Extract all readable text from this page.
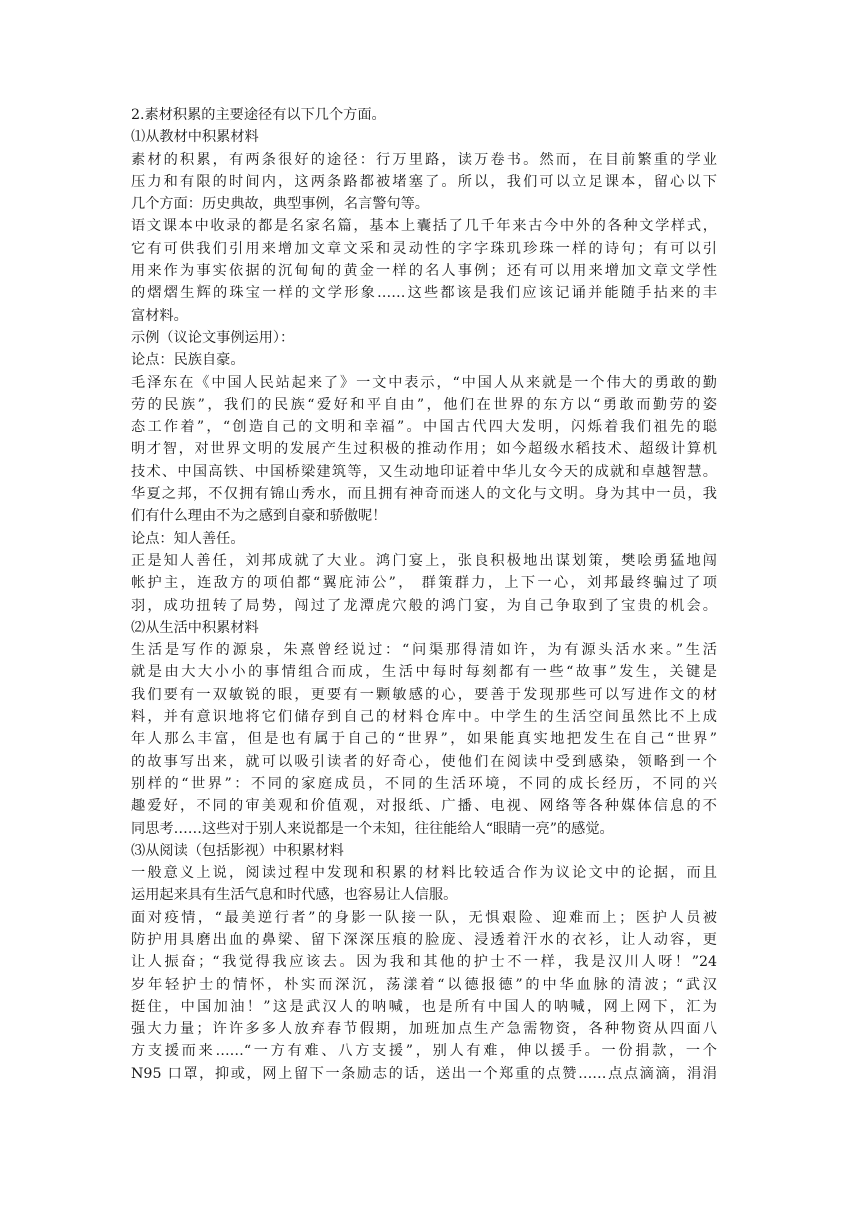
2.素材积累的主要途径有以下几个方面。
⑴从教材中积累材料
素材的积累，有两条很好的途径：行万里路，读万卷书。然而，在目前繁重的学业
压力和有限的时间内，这两条路都被堵塞了。所以，我们可以立足课本，留心以下
几个方面：历史典故，典型事例，名言警句等。
语文课本中收录的都是名家名篇，基本上囊括了几千年来古今中外的各种文学样式，
它有可供我们引用来增加文章文采和灵动性的字字珠玑珍珠一样的诗句；有可以引
用来作为事实依据的沉甸甸的黄金一样的名人事例；还有可以用来增加文章文学性
的熠熠生辉的珠宝一样的文学形象……这些都该是我们应该记诵并能随手拈来的丰
富材料。
示例（议论文事例运用）：
论点：民族自豪。
毛泽东在《中国人民站起来了》一文中表示，“中国人从来就是一个伟大的勇敢的勤
劳的民族”，我们的民族“爱好和平自由”，他们在世界的东方以“勇敢而勤劳的姿
态工作着”，“创造自己的文明和幸福”。中国古代四大发明，闪烁着我们祖先的聪
明才智，对世界文明的发展产生过积极的推动作用；如今超级水稻技术、超级计算机
技术、中国高铁、中国桥梁建筑等，又生动地印证着中华儿女今天的成就和卓越智慧。
华夏之邦，不仅拥有锦山秀水，而且拥有神奇而迷人的文化与文明。身为其中一员，我
们有什么理由不为之感到自豪和骄傲呢！
论点：知人善任。
正是知人善任，刘邦成就了大业。鸿门宴上，张良积极地出谋划策，樊哙勇猛地闯
帐护主，连敌方的项伯都“翼庇沛公”， 群策群力，上下一心，刘邦最终骗过了项
羽，成功扭转了局势，闯过了龙潭虎穴般的鸿门宴，为自己争取到了宝贵的机会。
⑵从生活中积累材料
生活是写作的源泉，朱熹曾经说过：“问渠那得清如许，为有源头活水来。”生活
就是由大大小小的事情组合而成，生活中每时每刻都有一些“故事”发生，关键是
我们要有一双敏锐的眼，更要有一颗敏感的心，要善于发现那些可以写进作文的材
料，并有意识地将它们储存到自己的材料仓库中。中学生的生活空间虽然比不上成
年人那么丰富，但是也有属于自己的“世界”，如果能真实地把发生在自己“世界”
的故事写出来，就可以吸引读者的好奇心，使他们在阅读中受到感染，领略到一个
别样的“世界”：不同的家庭成员，不同的生活环境，不同的成长经历，不同的兴
趣爱好，不同的审美观和价值观，对报纸、广播、电视、网络等各种媒体信息的不
同思考……这些对于别人来说都是一个未知，往往能给人“眼睛一亮”的感觉。
⑶从阅读（包括影视）中积累材料
一般意义上说，阅读过程中发现和积累的材料比较适合作为议论文中的论据，而且
运用起来具有生活气息和时代感，也容易让人信服。
面对疫情，“最美逆行者”的身影一队接一队，无惧艰险、迎难而上；医护人员被
防护用具磨出血的鼻梁、留下深深压痕的脸庞、浸透着汗水的衣衫，让人动容，更
让人振奋；“我觉得我应该去。因为我和其他的护士不一样，我是汉川人呀！”24
岁年轻护士的情怀，朴实而深沉，荡漾着“以德报德”的中华血脉的清波；“武汉
挺住，中国加油！”这是武汉人的呐喊，也是所有中国人的呐喊，网上网下，汇为
强大力量；许许多多人放弃春节假期，加班加点生产急需物资，各种物资从四面八
方支援而来……“一方有难、八方支援”，别人有难，伸以援手。一份捐款，一个
N95 口罩，抑或，网上留下一条励志的话，送出一个郑重的点赞……点点滴滴，涓涓
